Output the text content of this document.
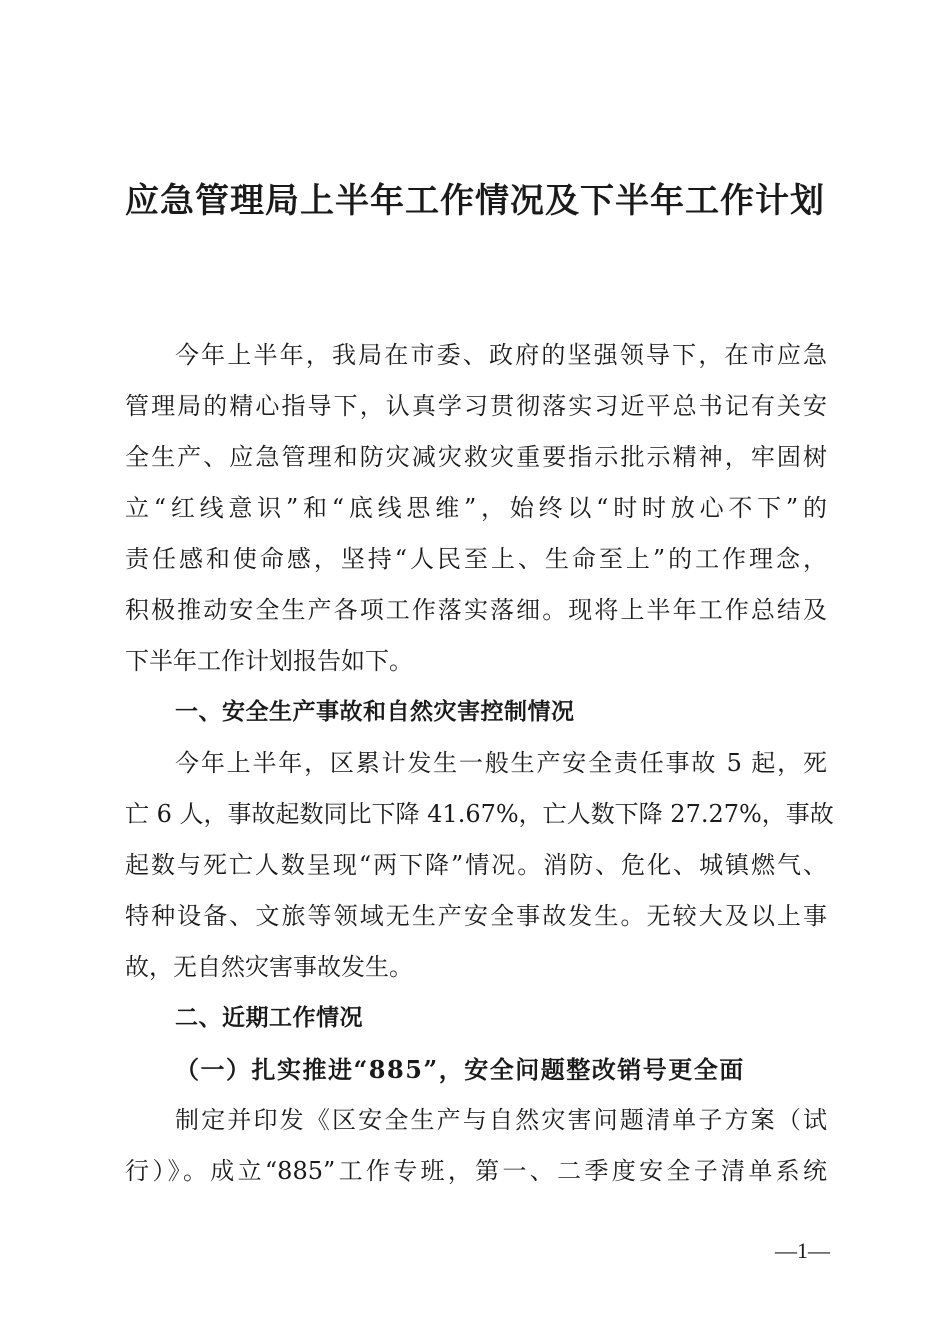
应急管理局上半年工作情况及下半年工作计划
今年上半年，我局在市委、政府的坚强领导下，在市应急
管理局的精心指导下，认真学习贯彻落实习近平总书记有关安
全生产、应急管理和防灾减灾救灾重要指示批示精神，牢固树
立“红线意识”和“底线思维”，始终以“时时放心不下”的
责任感和使命感，坚持“人民至上、生命至上”的工作理念，
积极推动安全生产各项工作落实落细。现将上半年工作总结及
下半年工作计划报告如下。
一、安全生产事故和自然灾害控制情况
今年上半年，区累计发生一般生产安全责任事故 5 起，死
亡 6 人，事故起数同比下降 41.67%，亡人数下降 27.27%，事故
起数与死亡人数呈现“两下降”情况。消防、危化、城镇燃气、
特种设备、文旅等领域无生产安全事故发生。无较大及以上事
故，无自然灾害事故发生。
二、近期工作情况
（一）扎实推进“885”，安全问题整改销号更全面
制定并印发《区安全生产与自然灾害问题清单子方案（试
行）》。成立“885”工作专班，第一、二季度安全子清单系统
—1—
